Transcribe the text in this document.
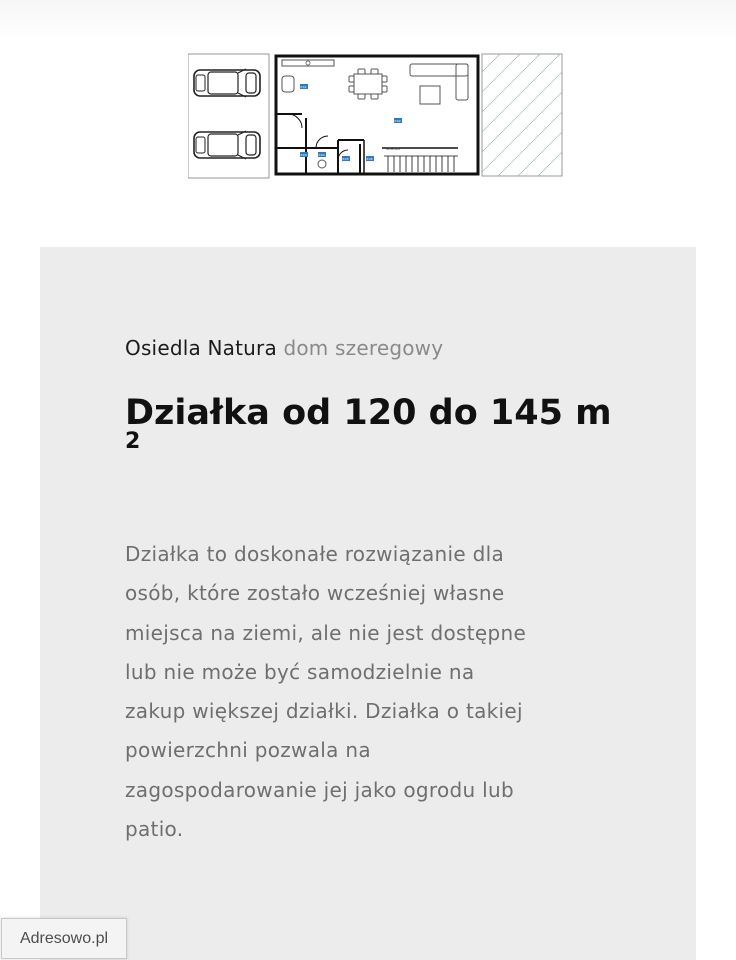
SCHODY
P.01
P.02
P.03	P.04
P.05	P.06

Osiedla Natura dom szeregowy

Działka od 120 do 145 m
2

Działka to doskonałe rozwiązanie dla
osób, które zostało wcześniej własne
miejsca na ziemi, ale nie jest dostępne
lub nie może być samodzielnie na
zakup większej działki. Działka o takiej
powierzchni pozwala na
zagospodarowanie jej jako ogrodu lub
patio.

Adresowo.pl
